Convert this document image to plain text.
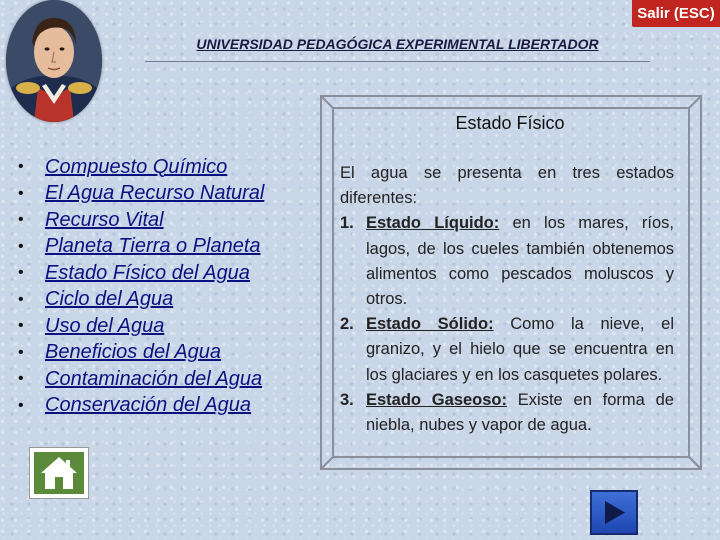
Salir (ESC)
UNIVERSIDAD PEDAGÓGICA EXPERIMENTAL LIBERTADOR
•	Compuesto Químico
•	El Agua Recurso Natural
•	Recurso Vital
•	Planeta Tierra o Planeta
•	Estado Físico del Agua
•	Ciclo del Agua
•	Uso del Agua
•	Beneficios del Agua
•	Contaminación del Agua
•	Conservación del Agua
Estado Físico

El agua se presenta en tres estados diferentes:

1. Estado Líquido: en los mares, ríos, lagos, de los cueles también obtenemos alimentos como pescados moluscos y otros.
2. Estado Sólido: Como la nieve, el granizo, y el hielo que se encuentra en los glaciares y en los casquetes polares.
3. Estado Gaseoso: Existe en forma de niebla, nubes y vapor de agua.
